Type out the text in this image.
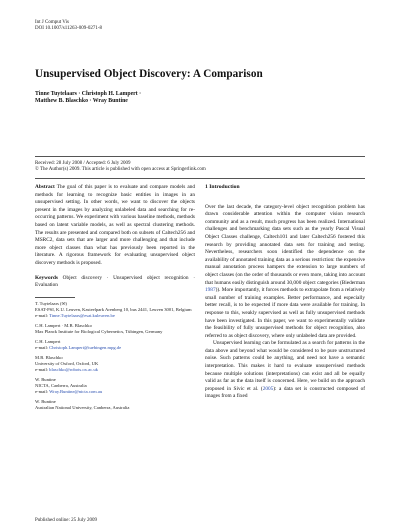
Int J Comput Vis
DOI 10.1007/s11263-009-0271-8
Unsupervised Object Discovery: A Comparison
Tinne Tuytelaars · Christoph H. Lampert ·
Matthew B. Blaschko · Wray Buntine
Received: 28 July 2008 / Accepted: 6 July 2009
© The Author(s) 2009. This article is published with open access at Springerlink.com

Abstract The goal of this paper is to evaluate and compare models and methods for learning to recognize basic entities in images in an unsupervised setting. In other words, we want to discover the objects present in the images by analyzing unlabeled data and searching for re-occurring patterns. We experiment with various baseline methods, methods based on latent variable models, as well as spectral clustering methods. The results are presented and compared both on subsets of Caltech256 and MSRC2, data sets that are larger and more challenging and that include more object classes than what has previously been reported in the literature. A rigorous framework for evaluating unsupervised object discovery methods is proposed.

Keywords Object discovery · Unsupervised object recognition · Evaluation

T. Tuytelaars (✉)
ESAT-PSI, K.U. Leuven, Kasteelpark Arenberg 10, bus 2441, Leuven 3001, Belgium
e-mail: Tinne.Tuytelaars@esat.kuleuven.be
C.H. Lampert · M.B. Blaschko
Max Planck Institute for Biological Cybernetics, Tübingen, Germany
C.H. Lampert
e-mail: Christoph.Lampert@tuebingen.mpg.de
M.B. Blaschko
University of Oxford, Oxford, UK
e-mail: blaschko@robots.ox.ac.uk
W. Buntine
NICTA, Canberra, Australia
e-mail: Wray.Buntine@nicta.com.au
W. Buntine
Australian National University, Canberra, Australia
Published online: 25 July 2009

1 Introduction

Over the last decade, the category-level object recognition problem has drawn considerable attention within the computer vision research community and as a result, much progress has been realized. International challenges and benchmarking data sets such as the yearly Pascal Visual Object Classes challenge, Caltech101 and later Caltech256 fostered this research by providing annotated data sets for training and testing. Nevertheless, researchers soon identified the dependence on the availability of annotated training data as a serious restriction: the expensive manual annotation process hampers the extension to large numbers of object classes (on the order of thousands or even more, taking into account that humans easily distinguish around 30,000 object categories (Biederman 1987)). More importantly, it forces methods to extrapolate from a relatively small number of training examples. Better performance, and especially better recall, is to be expected if more data were available for training. In response to this, weakly supervised as well as fully unsupervised methods have been investigated. In this paper, we want to experimentally validate the feasibility of fully unsupervised methods for object recognition, also referred to as object discovery, where only unlabeled data are provided.

Unsupervised learning can be formulated as a search for patterns in the data above and beyond what would be considered to be pure unstructured noise. Such patterns could be anything, and need not have a semantic interpretation. This makes it hard to evaluate unsupervised methods because multiple solutions (interpretations) can exist and all be equally valid as far as the data itself is concerned. Here, we build on the approach proposed in Sivic et al. (2005): a data set is constructed composed of images from a fixed
